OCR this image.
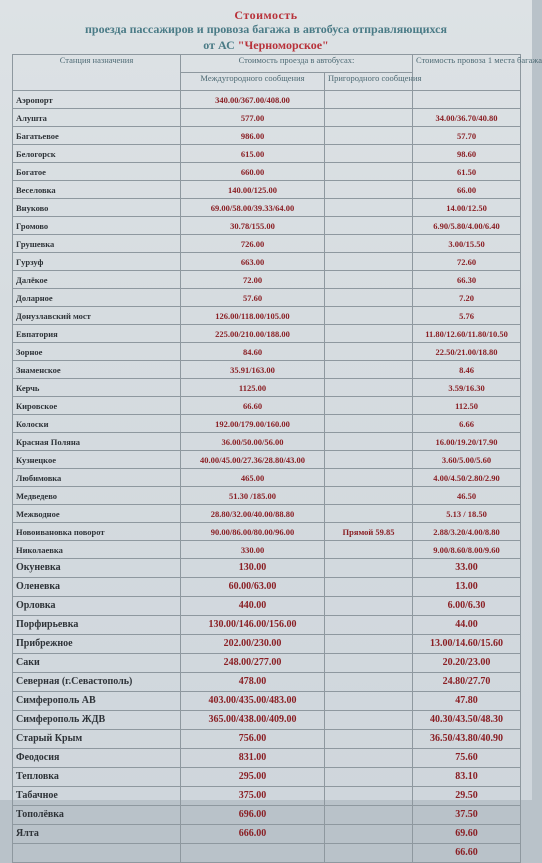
Стоимость
проезда пассажиров и провоза багажа в автобуса отправляющихся
от АС "Черноморское"
Станция назначения	Стоимость проезда в автобусах:		Стоимость провоза 1 места багажа
	Междугородного сообщения	Пригородного сообщения	
Аэропорт	340.00/367.00/408.00		
Алушта	577.00		34.00/36.70/40.80
Багатьевое	986.00		57.70
Белогорск	615.00		98.60
Богатое	660.00		61.50
Веселовка	140.00/125.00		66.00
Внуково	69.00/58.00/39.33/64.00		14.00/12.50
Громово	30.78/155.00		6.90/5.80/4.00/6.40
Грушевка	726.00		3.00/15.50
Гурзуф	663.00		72.60
Далёкое	72.00		66.30
Доларное	57.60		7.20
Донузлавский мост	126.00/118.00/105.00		5.76
Евпатория	225.00/210.00/188.00		11.80/12.60/11.80/10.50
Зорное	84.60		22.50/21.00/18.80
Знаменское	35.91/163.00		8.46
Керчь	1125.00		3.59/16.30
Кировское	66.60		112.50
Колоски	192.00/179.00/160.00		6.66
Красная Поляна	36.00/50.00/56.00		16.00/19.20/17.90
Кузнецкое	40.00/45.00/27.36/28.80/43.00		3.60/5.00/5.60
Любимовка	465.00		4.00/4.50/2.80/2.90
Медведево	51.30 /185.00		46.50
Межводное	28.80/32.00/40.00/88.80		5.13 / 18.50
Новоивановка поворот	90.00/86.00/80.00/96.00	Прямой 59.85	2.88/3.20/4.00/8.80
Николаевка	330.00		9.00/8.60/8.00/9.60
Окуневка	130.00		33.00
Оленевка	60.00/63.00		13.00
Орловка	440.00		6.00/6.30
Порфирьевка	130.00/146.00/156.00		44.00
Прибрежное	202.00/230.00		13.00/14.60/15.60
Саки	248.00/277.00		20.20/23.00
Северная (г.Севастополь)	478.00		24.80/27.70
Симферополь АВ	403.00/435.00/483.00		47.80
Симферополь ЖДВ	365.00/438.00/409.00		40.30/43.50/48.30
Старый Крым	756.00		36.50/43.80/40.90
Феодосия	831.00		75.60
Тепловка	295.00		83.10
Табачное	375.00		29.50
Тополёвка	696.00		37.50
Ялта	666.00		69.60
			66.60
